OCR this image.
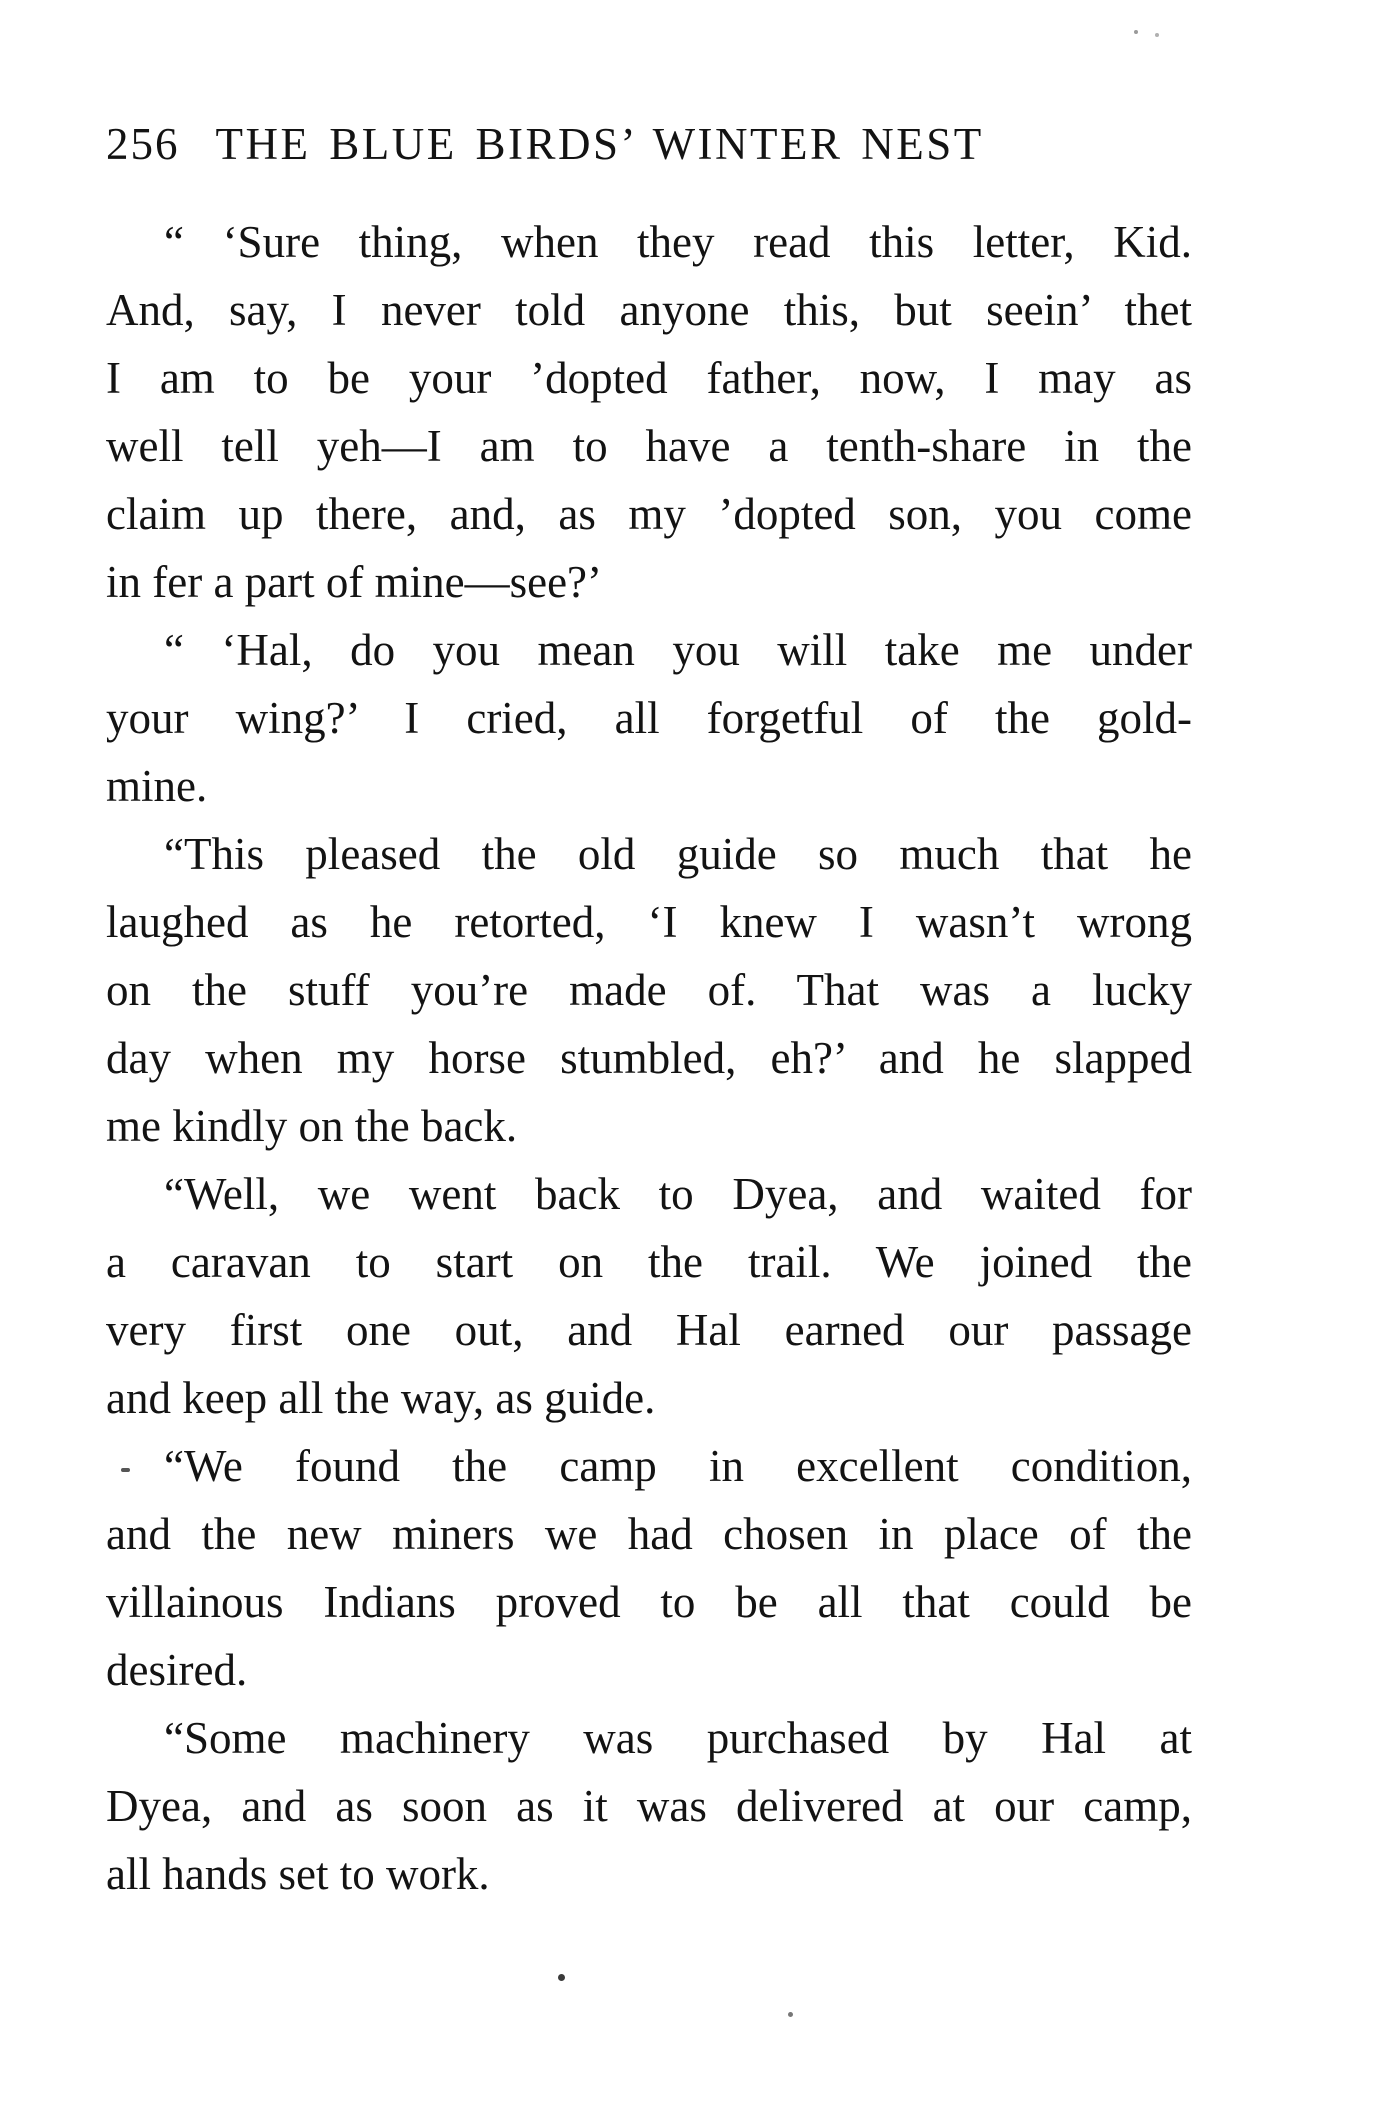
256 THE BLUE BIRDS’ WINTER NEST

“ ‘Sure thing, when they read this letter, Kid.
And, say, I never told anyone this, but seein’ thet
I am to be your ’dopted father, now, I may as
well tell yeh—I am to have a tenth-share in the
claim up there, and, as my ’dopted son, you come
in fer a part of mine—see?’

“ ‘Hal, do you mean you will take me under
your wing?’ I cried, all forgetful of the gold-
mine.

“This pleased the old guide so much that he
laughed as he retorted, ‘I knew I wasn’t wrong
on the stuff you’re made of. That was a lucky
day when my horse stumbled, eh?’ and he slapped
me kindly on the back.

“Well, we went back to Dyea, and waited for
a caravan to start on the trail. We joined the
very first one out, and Hal earned our passage
and keep all the way, as guide.

“We found the camp in excellent condition,
and the new miners we had chosen in place of the
villainous Indians proved to be all that could be
desired.

“Some machinery was purchased by Hal at
Dyea, and as soon as it was delivered at our camp,
all hands set to work.
